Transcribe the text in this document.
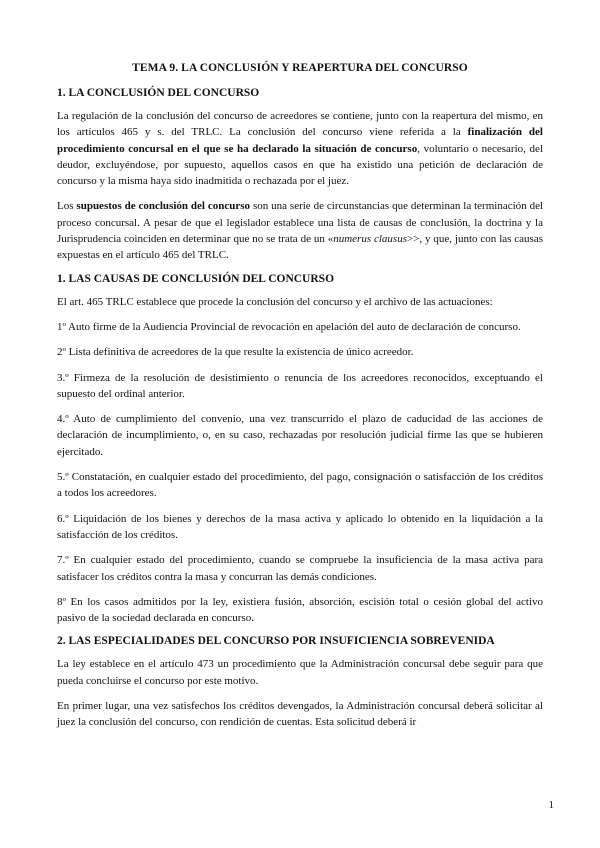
TEMA 9. LA CONCLUSIÓN Y REAPERTURA DEL CONCURSO
1. LA CONCLUSIÓN DEL CONCURSO

La regulación de la conclusión del concurso de acreedores se contiene, junto con la reapertura del mismo, en los artículos 465 y s. del TRLC. La conclusión del concurso viene referida a la finalización del procedimiento concursal en el que se ha declarado la situación de concurso, voluntario o necesario, del deudor, excluyéndose, por supuesto, aquellos casos en que ha existido una petición de declaración de concurso y la misma haya sido inadmitida o rechazada por el juez.

Los supuestos de conclusión del concurso son una serie de circunstancias que determinan la terminación del proceso concursal. A pesar de que el legislador establece una lista de causas de conclusión, la doctrina y la Jurisprudencia coinciden en determinar que no se trata de un «numerus clausus>>, y que, junto con las causas expuestas en el artículo 465 del TRLC.

1. LAS CAUSAS DE CONCLUSIÓN DEL CONCURSO

El art. 465 TRLC establece que procede la conclusión del concurso y el archivo de las actuaciones:

1º Auto firme de la Audiencia Provincial de revocación en apelación del auto de declaración de concurso.

2º Lista definitiva de acreedores de la que resulte la existencia de único acreedor.

3.º Firmeza de la resolución de desistimiento o renuncia de los acreedores reconocidos, exceptuando el supuesto del ordinal anterior.

4.º Auto de cumplimiento del convenio, una vez transcurrido el plazo de caducidad de las acciones de declaración de incumplimiento, o, en su caso, rechazadas por resolución judicial firme las que se hubieren ejercitado.

5.º Constatación, en cualquier estado del procedimiento, del pago, consignación o satisfacción de los créditos a todos los acreedores.

6.º Liquidación de los bienes y derechos de la masa activa y aplicado lo obtenido en la liquidación a la satisfacción de los créditos.

7.º En cualquier estado del procedimiento, cuando se compruebe la insuficiencia de la masa activa para satisfacer los créditos contra la masa y concurran las demás condiciones.

8º En los casos admitidos por la ley, existiera fusión, absorción, escisión total o cesión global del activo pasivo de la sociedad declarada en concurso.

2. LAS ESPECIALIDADES DEL CONCURSO POR INSUFICIENCIA SOBREVENIDA

La ley establece en el artículo 473 un procedimiento que la Administración concursal debe seguir para que pueda concluirse el concurso por este motivo.

En primer lugar, una vez satisfechos los créditos devengados, la Administración concursal deberá solicitar al juez la conclusión del concurso, con rendición de cuentas. Esta solicitud deberá ir

1
